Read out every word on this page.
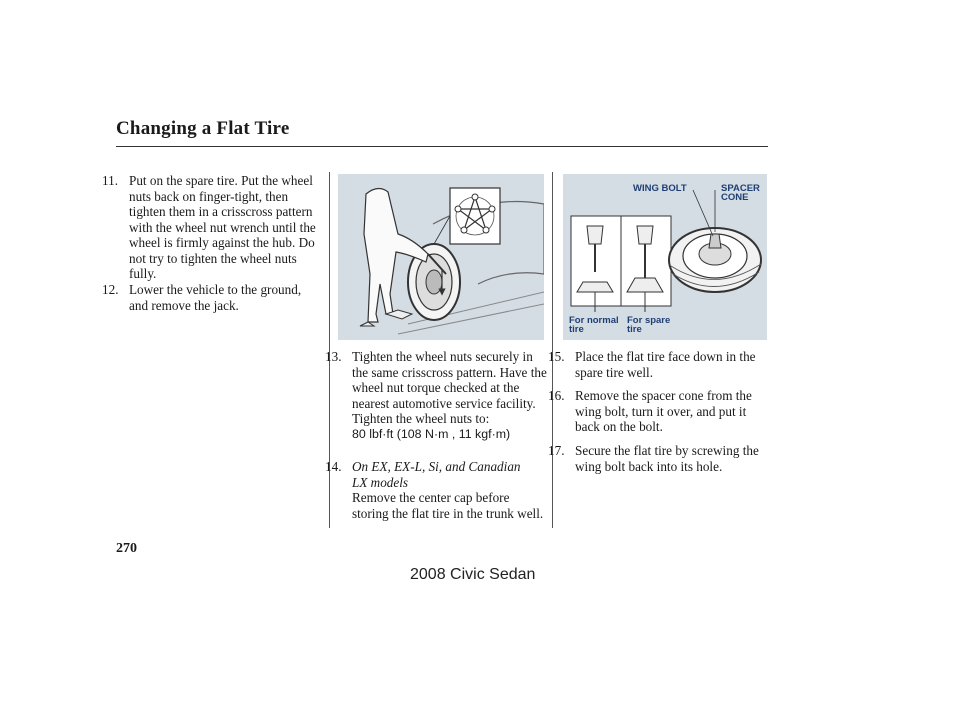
Changing a Flat Tire
11. Put on the spare tire. Put the wheel nuts back on finger-tight, then tighten them in a crisscross pattern with the wheel nut wrench until the wheel is firmly against the hub. Do not try to tighten the wheel nuts fully.
12. Lower the vehicle to the ground, and remove the jack.
13. Tighten the wheel nuts securely in the same crisscross pattern. Have the wheel nut torque checked at the nearest automotive service facility.
Tighten the wheel nuts to:
80 lbf·ft (108 N·m , 11 kgf·m)
14. On EX, EX-L, Si, and Canadian LX models
Remove the center cap before storing the flat tire in the trunk well.
WING BOLT	SPACER
CONE
For normal
tire
For spare
tire
15. Place the flat tire face down in the spare tire well.
16. Remove the spacer cone from the wing bolt, turn it over, and put it back on the bolt.
17. Secure the flat tire by screwing the wing bolt back into its hole.
270
2008 Civic Sedan
